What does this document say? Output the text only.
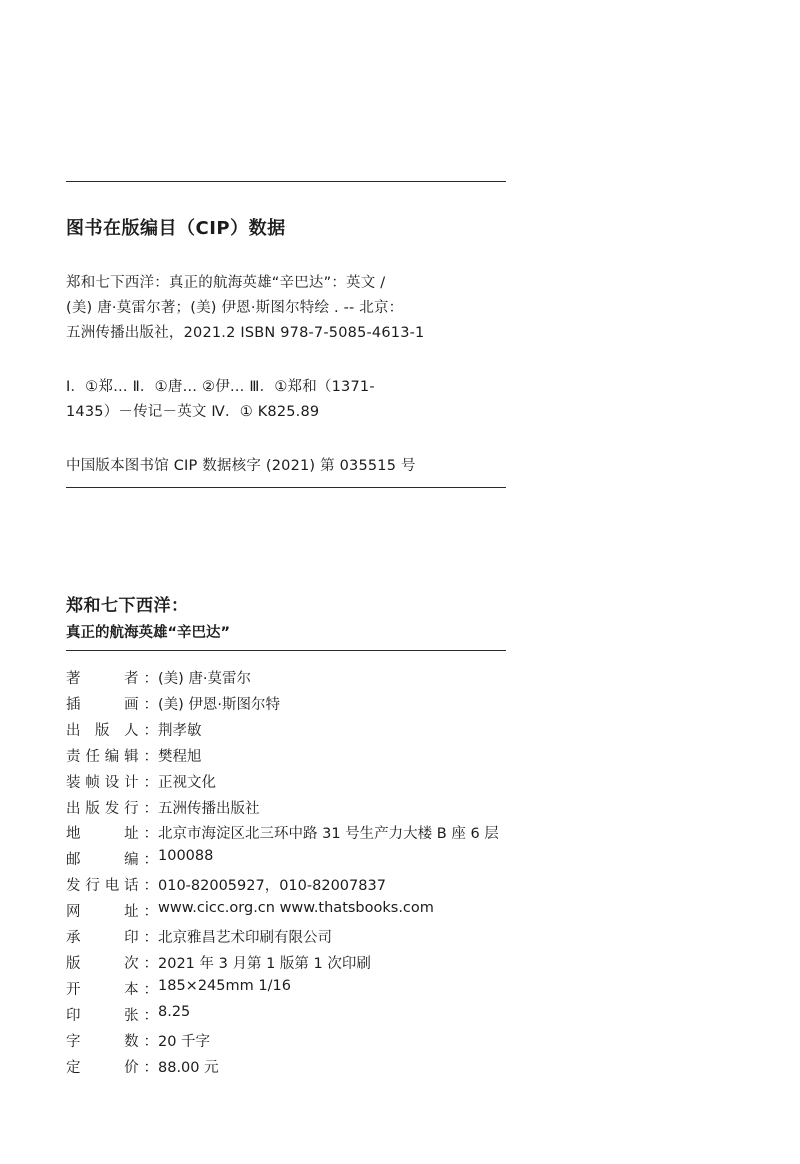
图书在版编目（CIP）数据
郑和七下西洋：真正的航海英雄“辛巴达”：英文 /
(美) 唐·莫雷尔著；(美) 伊恩·斯图尔特绘 . -- 北京：
五洲传播出版社，2021.2 ISBN 978-7-5085-4613-1
Ⅰ．①郑… Ⅱ．①唐… ②伊… Ⅲ．①郑和（1371-
1435）－传记－英文 Ⅳ．① K825.89
中国版本图书馆 CIP 数据核字 (2021) 第 035515 号
郑和七下西洋：
真正的航海英雄“辛巴达”
著　　者： (美) 唐·莫雷尔
插　　画： (美) 伊恩·斯图尔特
出 版 人： 荆孝敏
责任编辑： 樊程旭
装帧设计： 正视文化
出版发行： 五洲传播出版社
地　　址： 北京市海淀区北三环中路 31 号生产力大楼 B 座 6 层
邮　　编： 100088
发行电话： 010-82005927，010-82007837
网　　址： www.cicc.org.cn www.thatsbooks.com
承　　印： 北京雅昌艺术印刷有限公司
版　　次： 2021 年 3 月第 1 版第 1 次印刷
开　　本： 185×245mm 1/16
印　　张： 8.25
字　　数： 20 千字
定　　价： 88.00 元
